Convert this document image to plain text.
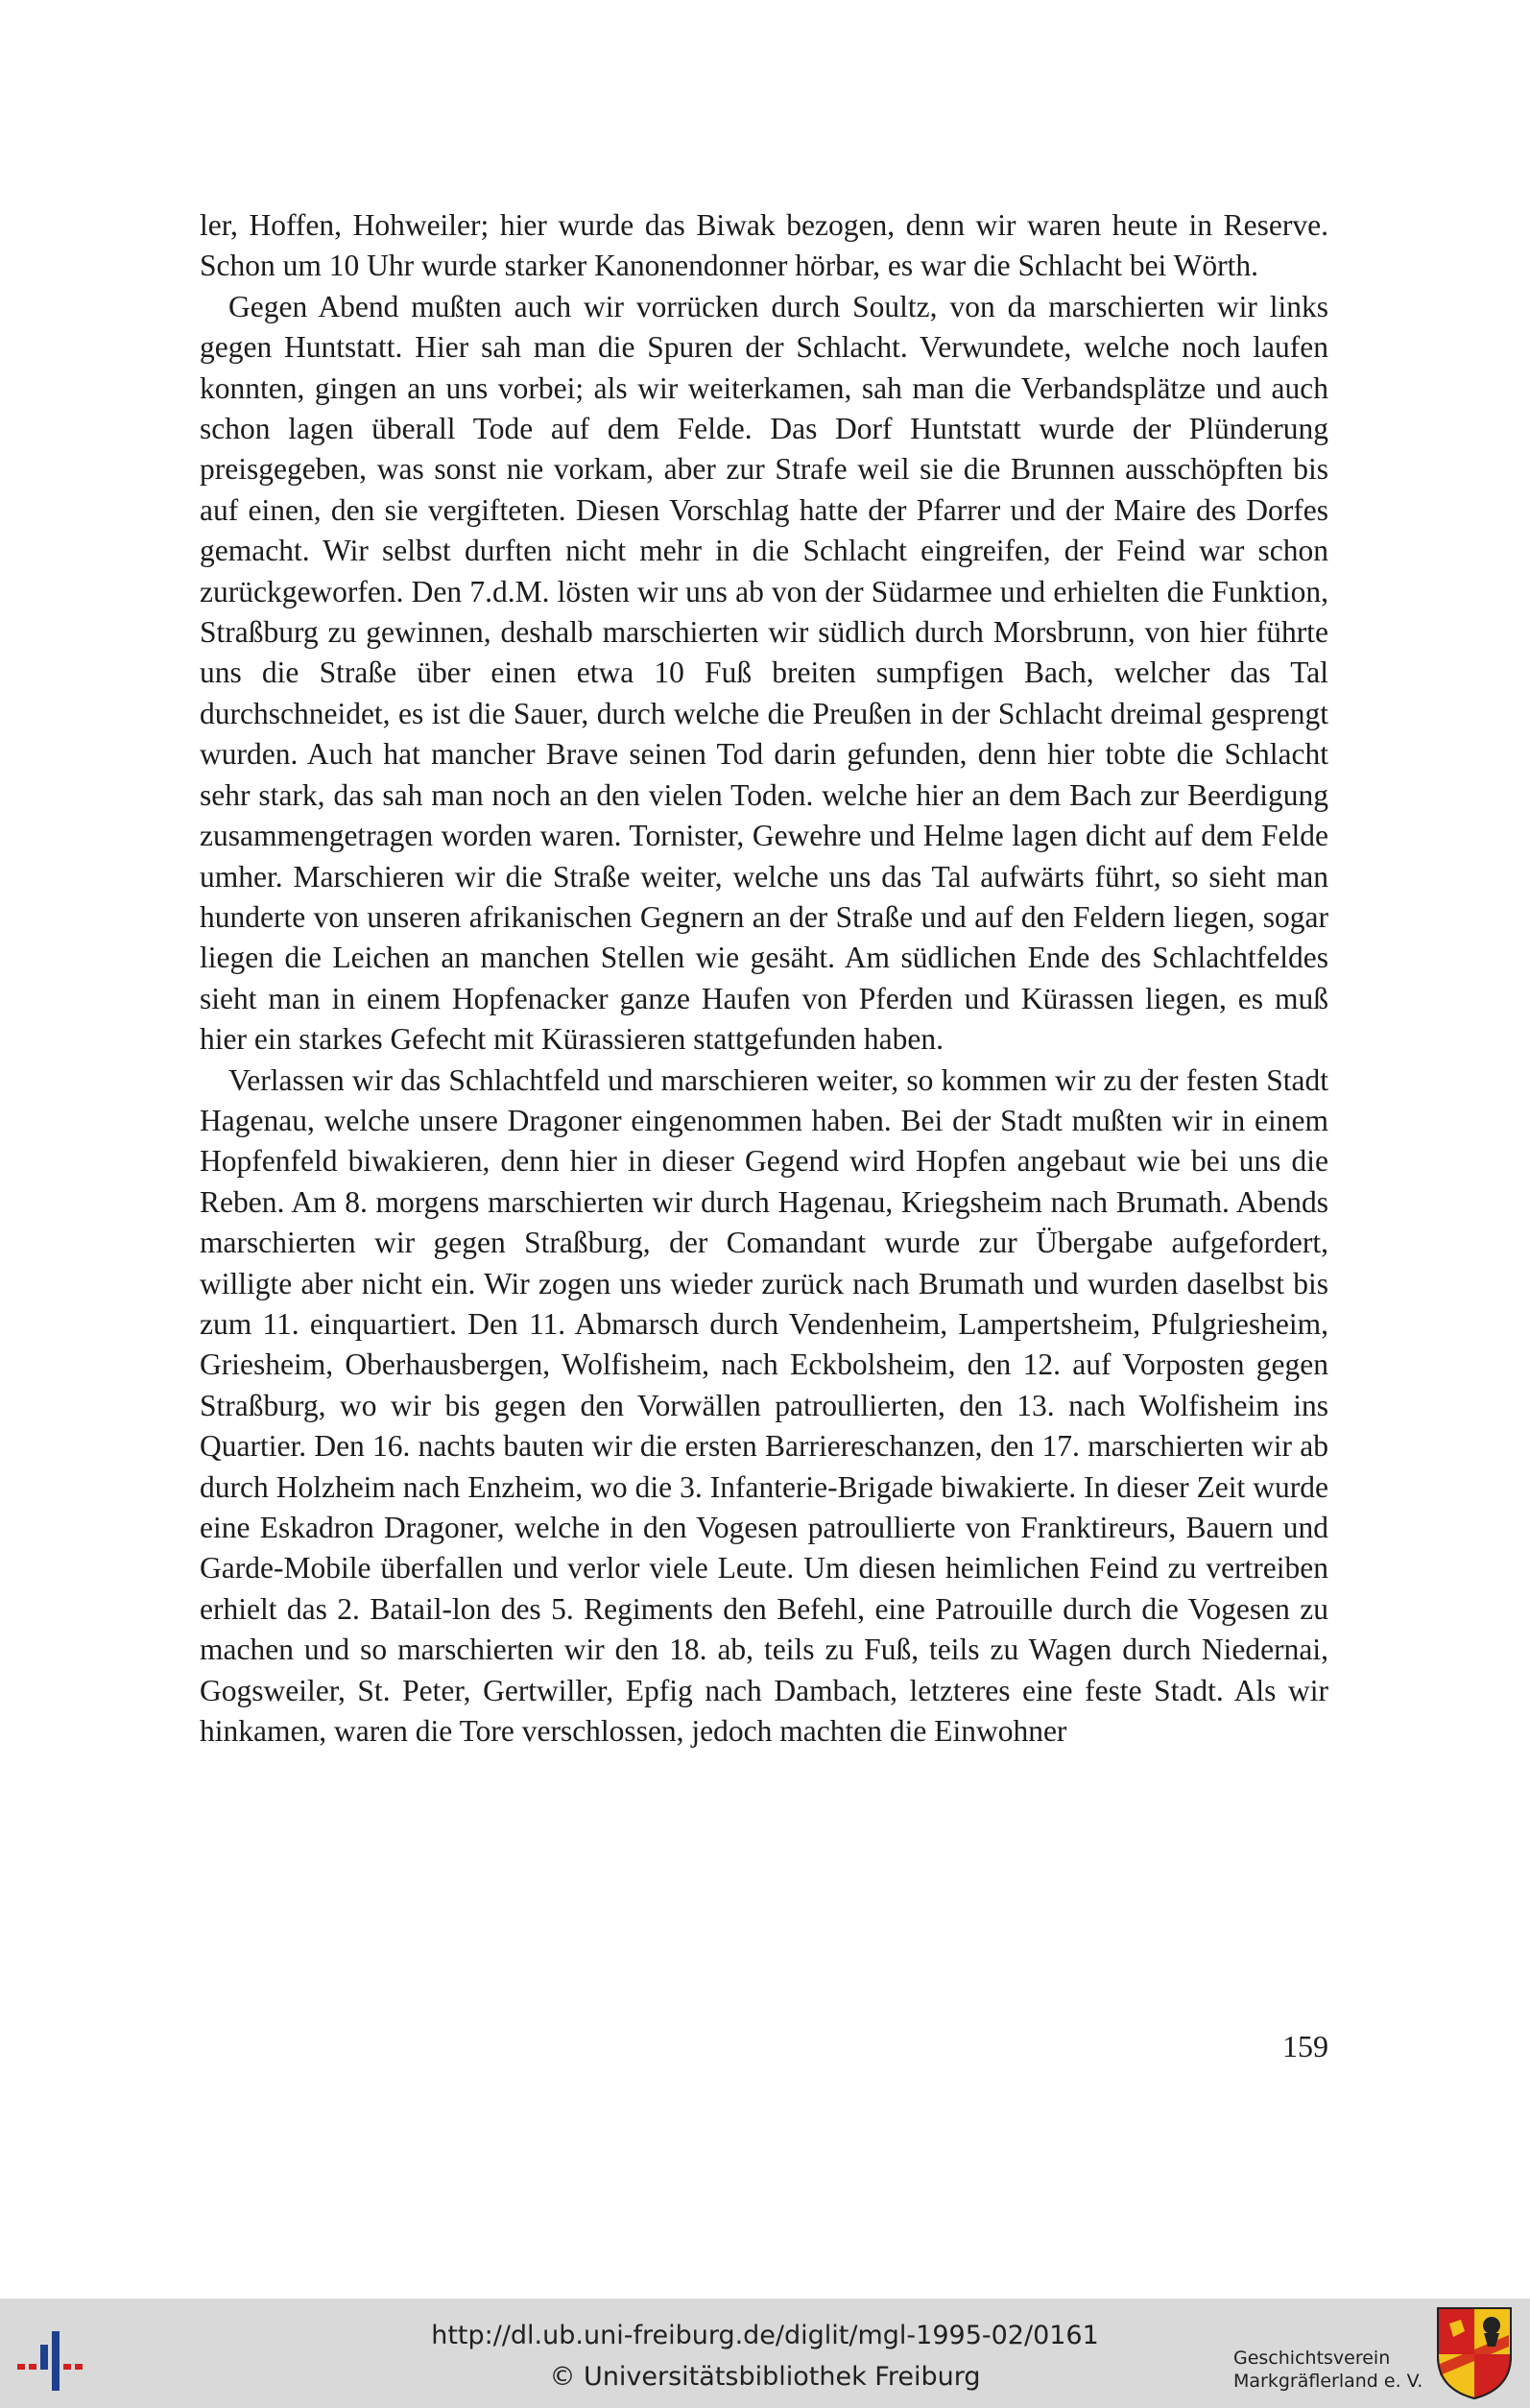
ler, Hoffen, Hohweiler; hier wurde das Biwak bezogen, denn wir waren heute in Reserve. Schon um 10 Uhr wurde starker Kanonendonner hörbar, es war die Schlacht bei Wörth.

Gegen Abend mußten auch wir vorrücken durch Soultz, von da marschierten wir links gegen Huntstatt. Hier sah man die Spuren der Schlacht. Verwundete, welche noch laufen konnten, gingen an uns vorbei; als wir weiterkamen, sah man die Verbandsplätze und auch schon lagen überall Tode auf dem Felde. Das Dorf Huntstatt wurde der Plünderung preisgegeben, was sonst nie vorkam, aber zur Strafe weil sie die Brunnen ausschöpften bis auf einen, den sie vergifteten. Diesen Vorschlag hatte der Pfarrer und der Maire des Dorfes gemacht. Wir selbst durften nicht mehr in die Schlacht eingreifen, der Feind war schon zurückgeworfen. Den 7.d.M. lösten wir uns ab von der Südarmee und erhielten die Funktion, Straßburg zu gewinnen, deshalb marschierten wir südlich durch Morsbrunn, von hier führte uns die Straße über einen etwa 10 Fuß breiten sumpfigen Bach, welcher das Tal durchschneidet, es ist die Sauer, durch welche die Preußen in der Schlacht dreimal gesprengt wurden. Auch hat mancher Brave seinen Tod darin gefunden, denn hier tobte die Schlacht sehr stark, das sah man noch an den vielen Toden. welche hier an dem Bach zur Beerdigung zusammengetragen worden waren. Tornister, Gewehre und Helme lagen dicht auf dem Felde umher. Marschieren wir die Straße weiter, welche uns das Tal aufwärts führt, so sieht man hunderte von unseren afrikanischen Gegnern an der Straße und auf den Feldern liegen, sogar liegen die Leichen an manchen Stellen wie gesäht. Am südlichen Ende des Schlachtfeldes sieht man in einem Hopfenacker ganze Haufen von Pferden und Kürassen liegen, es muß hier ein starkes Gefecht mit Kürassieren stattgefunden haben.

Verlassen wir das Schlachtfeld und marschieren weiter, so kommen wir zu der festen Stadt Hagenau, welche unsere Dragoner eingenommen haben. Bei der Stadt mußten wir in einem Hopfenfeld biwakieren, denn hier in dieser Gegend wird Hopfen angebaut wie bei uns die Reben. Am 8. morgens marschierten wir durch Hagenau, Kriegsheim nach Brumath. Abends marschierten wir gegen Straßburg, der Comandant wurde zur Übergabe aufgefordert, willigte aber nicht ein. Wir zogen uns wieder zurück nach Brumath und wurden daselbst bis zum 11. einquartiert. Den 11. Abmarsch durch Vendenheim, Lampertsheim, Pfulgriesheim, Griesheim, Oberhausbergen, Wolfisheim, nach Eckbolsheim, den 12. auf Vorposten gegen Straßburg, wo wir bis gegen den Vorwällen patroullierten, den 13. nach Wolfisheim ins Quartier. Den 16. nachts bauten wir die ersten Barriereschanzen, den 17. marschierten wir ab durch Holzheim nach Enzheim, wo die 3. Infanterie-Brigade biwakierte. In dieser Zeit wurde eine Eskadron Dragoner, welche in den Vogesen patroullierte von Franktireurs, Bauern und Garde-Mobile überfallen und verlor viele Leute. Um diesen heimlichen Feind zu vertreiben erhielt das 2. Batail-lon des 5. Regiments den Befehl, eine Patrouille durch die Vogesen zu machen und so marschierten wir den 18. ab, teils zu Fuß, teils zu Wagen durch Niedernai, Gogsweiler, St. Peter, Gertwiller, Epfig nach Dambach, letzteres eine feste Stadt. Als wir hinkamen, waren die Tore verschlossen, jedoch machten die Einwohner

159
http://dl.ub.uni-freiburg.de/diglit/mgl-1995-02/0161
© Universitätsbibliothek Freiburg
Geschichtsverein
Markgräflerland e. V.
